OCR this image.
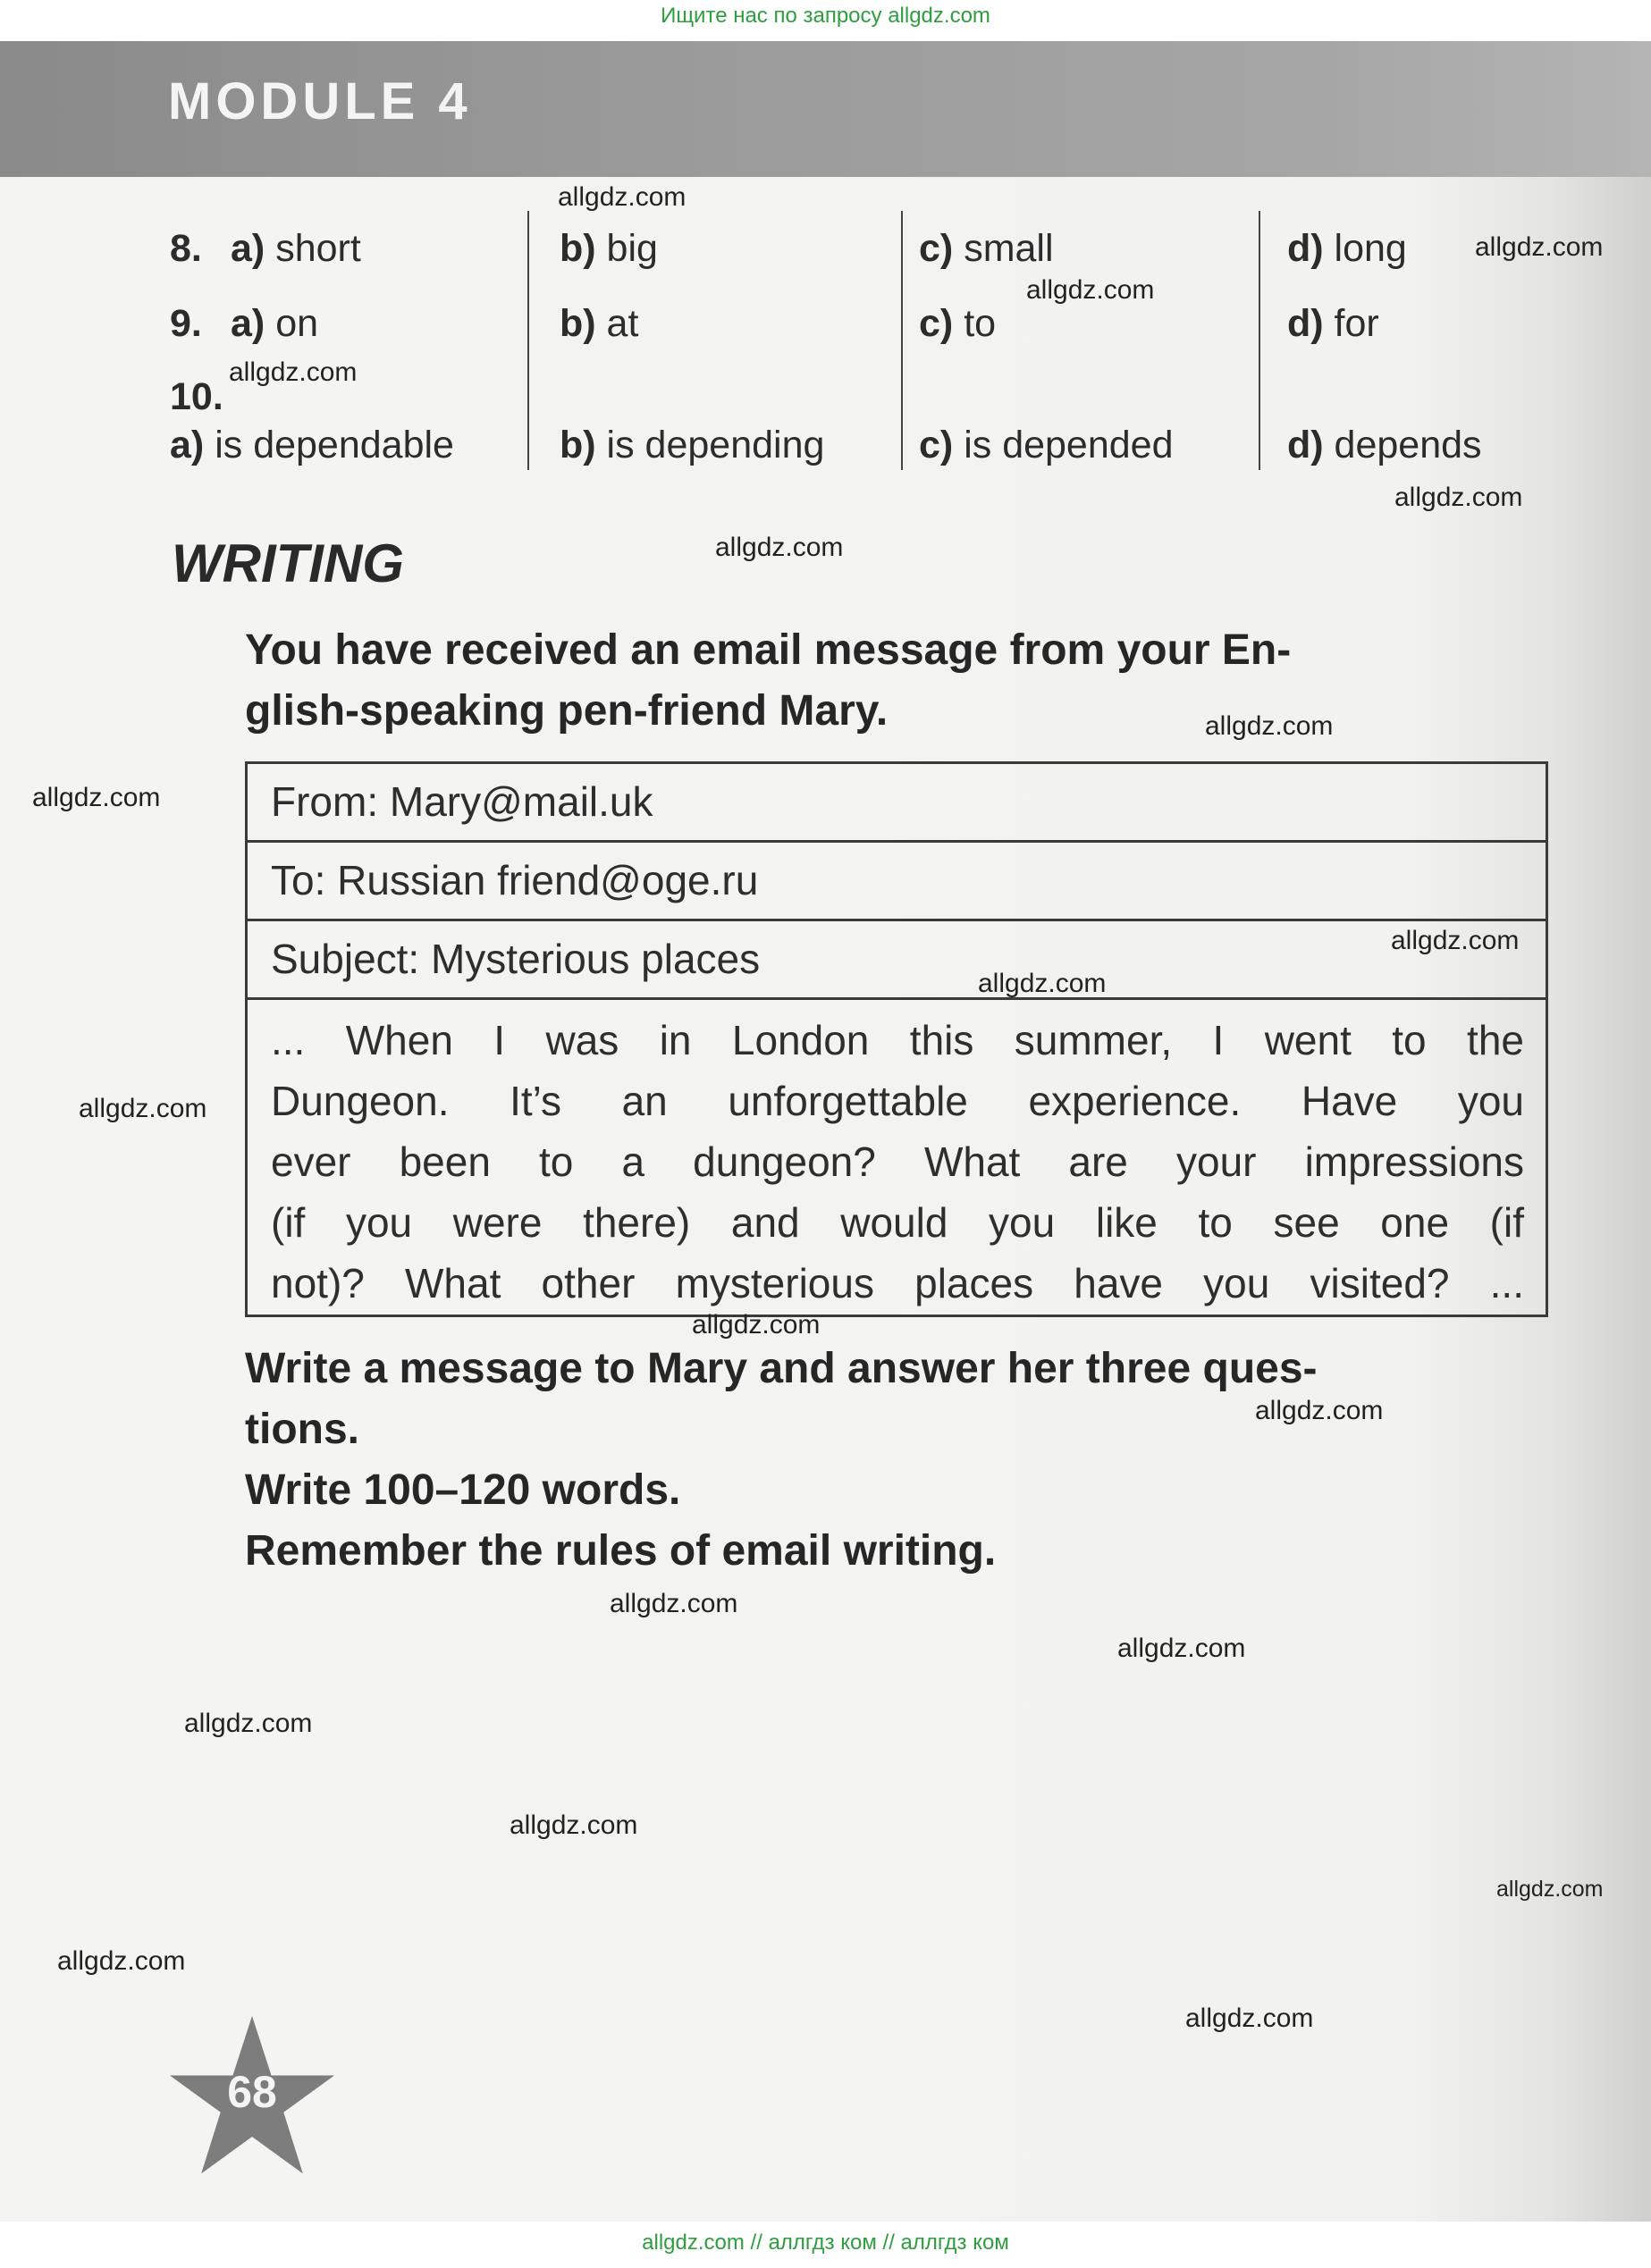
Ищите нас по запросу allgdz.com
MODULE 4
8. a) short	b) big	c) small	d) long
9. a) on	b) at	c) to	d) for
10.
a) is dependable	b) is depending c) is depended	d) depends
WRITING

You have received an email message from your En-
glish-speaking pen-friend Mary.

From: Mary@mail.uk
To: Russian friend@oge.ru
Subject: Mysterious places
... When I was in London this summer, I went to the
Dungeon. It’s an unforgettable experience. Have you
ever been to a dungeon? What are your impressions
(if you were there) and would you like to see one (if
not)? What other mysterious places have you visited? ...

Write a message to Mary and answer her three ques-
tions.
Write 100–120 words.
Remember the rules of email writing.

allgdz.com
allgdz.com
allgdz.com
allgdz.com
allgdz.com
allgdz.com
allgdz.com
allgdz.com
allgdz.com
allgdz.com
allgdz.com
allgdz.com
allgdz.com
allgdz.com
allgdz.com
allgdz.com
allgdz.com
allgdz.com
allgdz.com
allgdz.com
68
allgdz.com // аллгдз ком // аллгдз ком
